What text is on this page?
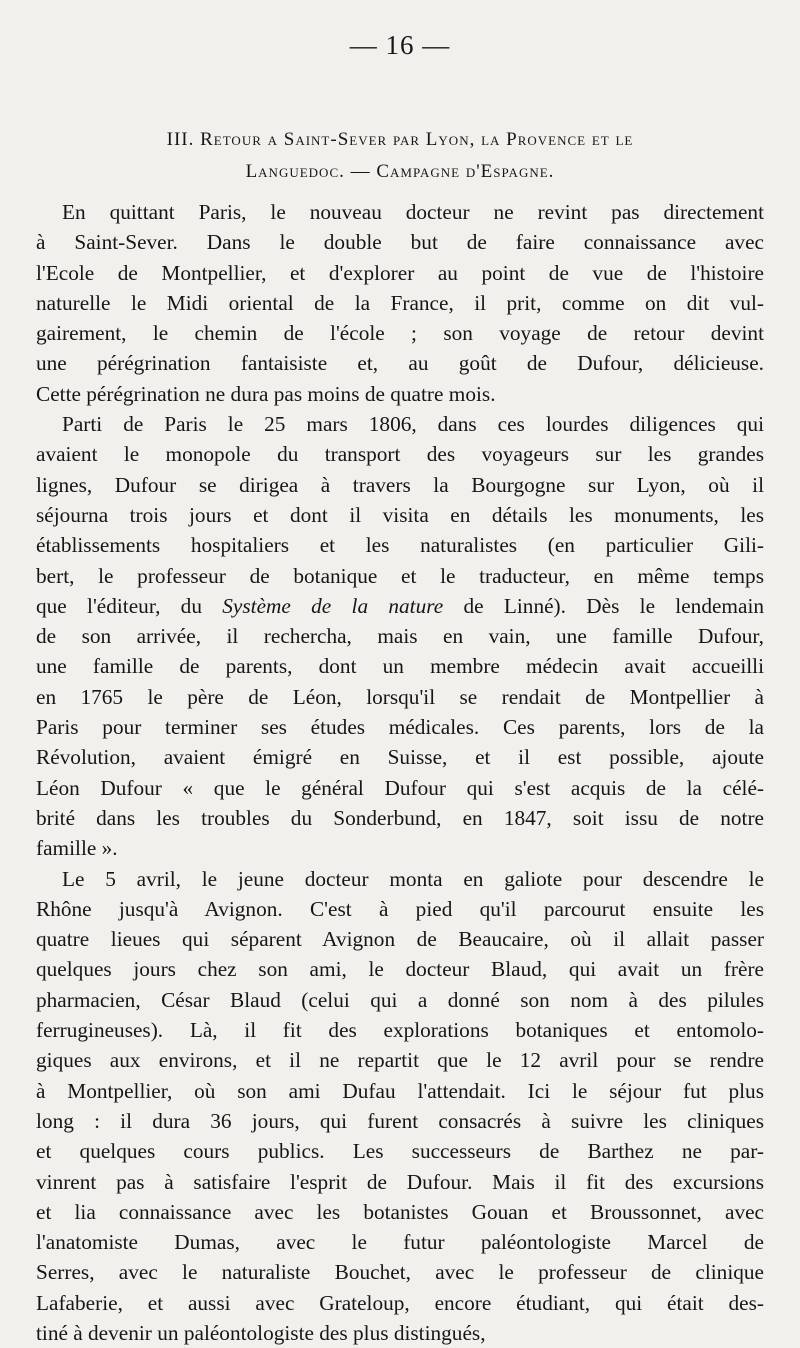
— 16 —
III. Retour a Saint-Sever par Lyon, la Provence et le
Languedoc. — Campagne d'Espagne.
En quittant Paris, le nouveau docteur ne revint pas directement
à Saint-Sever. Dans le double but de faire connaissance avec
l'Ecole de Montpellier, et d'explorer au point de vue de l'histoire
naturelle le Midi oriental de la France, il prit, comme on dit vul-
gairement, le chemin de l'école ; son voyage de retour devint
une pérégrination fantaisiste et, au goût de Dufour, délicieuse.
Cette pérégrination ne dura pas moins de quatre mois.
Parti de Paris le 25 mars 1806, dans ces lourdes diligences qui
avaient le monopole du transport des voyageurs sur les grandes
lignes, Dufour se dirigea à travers la Bourgogne sur Lyon, où il
séjourna trois jours et dont il visita en détails les monuments, les
établissements hospitaliers et les naturalistes (en particulier Gili-
bert, le professeur de botanique et le traducteur, en même temps
que l'éditeur, du Système de la nature de Linné). Dès le lendemain
de son arrivée, il rechercha, mais en vain, une famille Dufour,
une famille de parents, dont un membre médecin avait accueilli
en 1765 le père de Léon, lorsqu'il se rendait de Montpellier à
Paris pour terminer ses études médicales. Ces parents, lors de la
Révolution, avaient émigré en Suisse, et il est possible, ajoute
Léon Dufour « que le général Dufour qui s'est acquis de la célé-
brité dans les troubles du Sonderbund, en 1847, soit issu de notre
famille ».
Le 5 avril, le jeune docteur monta en galiote pour descendre le
Rhône jusqu'à Avignon. C'est à pied qu'il parcourut ensuite les
quatre lieues qui séparent Avignon de Beaucaire, où il allait passer
quelques jours chez son ami, le docteur Blaud, qui avait un frère
pharmacien, César Blaud (celui qui a donné son nom à des pilules
ferrugineuses). Là, il fit des explorations botaniques et entomolo-
giques aux environs, et il ne repartit que le 12 avril pour se rendre
à Montpellier, où son ami Dufau l'attendait. Ici le séjour fut plus
long : il dura 36 jours, qui furent consacrés à suivre les cliniques
et quelques cours publics. Les successeurs de Barthez ne par-
vinrent pas à satisfaire l'esprit de Dufour. Mais il fit des excursions
et lia connaissance avec les botanistes Gouan et Broussonnet, avec
l'anatomiste Dumas, avec le futur paléontologiste Marcel de
Serres, avec le naturaliste Bouchet, avec le professeur de clinique
Lafaberie, et aussi avec Grateloup, encore étudiant, qui était des-
tiné à devenir un paléontologiste des plus distingués,
